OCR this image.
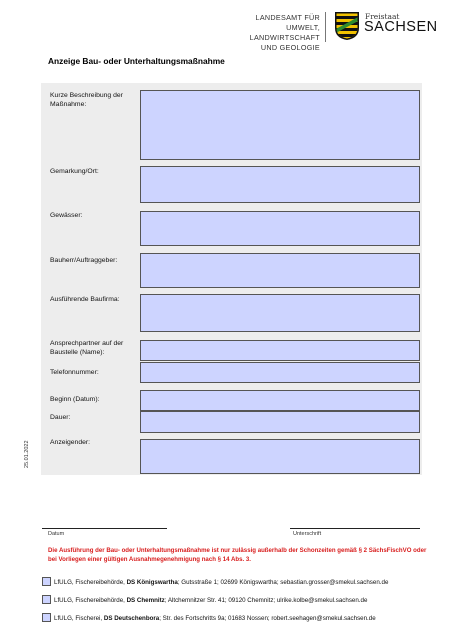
LANDESAMT FÜR UMWELT,
LANDWIRTSCHAFT
UND GEOLOGIE
Freistaat
SACHSEN
Anzeige Bau- oder Unterhaltungsmaßnahme
Kurze Beschreibung der Maßnahme:
Gemarkung/Ort:
Gewässer:
Bauherr/Auftraggeber:
Ausführende Baufirma:
Ansprechpartner auf der Baustelle (Name):
Telefonnummer:
Beginn (Datum):
Dauer:
Anzeigender:
25.01.2022
Datum	Unterschrift
Die Ausführung der Bau- oder Unterhaltungsmaßnahme ist nur zulässig außerhalb der Schonzeiten gemäß § 2 SächsFischVO oder bei Vorliegen einer gültigen Ausnahmegenehmigung nach § 14 Abs. 3.
LfULG, Fischereibehörde, DS Königswartha; Gutsstraße 1; 02699 Königswartha; sebastian.grosser@smekul.sachsen.de
LfULG, Fischereibehörde, DS Chemnitz; Altchemnitzer Str. 41; 09120 Chemnitz; ulrike.kolbe@smekul.sachsen.de
LfULG, Fischerei, DS Deutschenbora; Str. des Fortschritts 9a; 01683 Nossen; robert.seehagen@smekul.sachsen.de
